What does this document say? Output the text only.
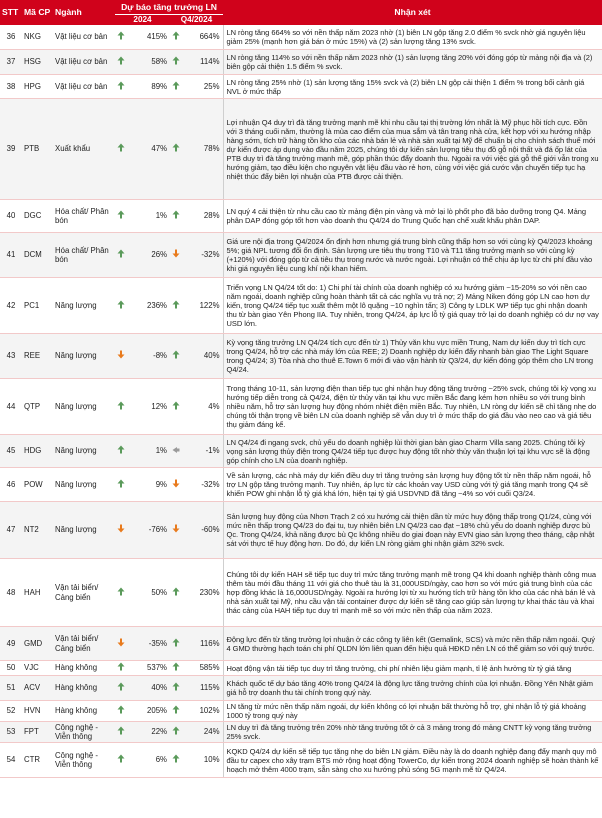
STT	Mã CP	Ngành	Dự báo tăng trưởng LN				Nhận xét
			2024		Q4/2024		
36	NKG	Vật liệu cơ bản		415%		664%	LN ròng tăng 664% so với nền thấp năm 2023 nhờ (1) biên LN gộp tăng 2.0 điểm % svck nhờ giá nguyên liệu giảm 25% (mạnh hơn giá bán ở mức 15%) và (2) sản lượng tăng 13% svck.
37	HSG	Vật liệu cơ bản		58%		114%	LN ròng tăng 114% so với nền thấp năm 2023 nhờ (1) sản lượng tăng 20% với đóng góp từ mảng nội địa và (2) biên gộp cải thiện 1.5 điểm % svck.
38	HPG	Vật liệu cơ bản		89%		25%	LN ròng tăng 25% nhờ (1) sản lượng tăng 15% svck và (2) biên LN gộp cải thiện 1 điểm % trong bối cảnh giá NVL ở mức thấp
39	PTB	Xuất khẩu		47%		78%	Lợi nhuận Q4 duy trì đà tăng trưởng mạnh mẽ khi nhu cầu tại thị trường lớn nhất là Mỹ phục hồi tích cực. Đồn với 3 tháng cuối năm, thường là mùa cao điểm của mua sắm và tân trang nhà cửa, kết hợp với xu hướng nhập hàng sớm, tích trữ hàng tồn kho của các nhà bán lẻ và nhà sản xuất tại Mỹ để chuẩn bị cho chính sách thuế mới dự kiến được áp dụng vào đầu năm 2025, chúng tôi dự kiến sản lượng tiêu thụ đồ gỗ nội thất và đá ốp lát của PTB duy trì đà tăng trưởng mạnh mẽ, góp phần thúc đẩy doanh thu. Ngoài ra với việc giá gỗ thế giới vẫn trong xu hướng giảm, tạo điều kiện cho nguyên vật liệu đầu vào rẻ hơn, cùng với việc giá cước vận chuyển tiếp tục hạ nhiệt thúc đẩy biên lợi nhuận của PTB được cải thiện.
40	DGC	Hóa chất/ Phân bón		1%		28%	LN quý 4 cải thiện từ nhu cầu cao từ mảng điện pin vàng và mở lại lò phốt pho đã bảo dưỡng trong Q4. Mảng phân DAP đóng góp tốt hơn vào doanh thu Q4/24 do Trung Quốc hạn chế xuất khẩu phân DAP.
41	DCM	Hóa chất/ Phân bón		26%		-32%	Giá ure nội địa trong Q4/2024 ổn định hơn nhưng giá trung bình cũng thấp hơn so với cùng kỳ Q4/2023 khoảng 5%; giá NPL tương đối ổn định. Sản lượng ure tiêu thụ trong T10 và T11 tăng trưởng mạnh so với cùng kỳ (+120%) với đóng góp từ cả tiêu thụ trong nước và nước ngoài. Lợi nhuận có thể chịu áp lực từ chi phí đầu vào khi giá nguyên liệu cung khí nội khan hiếm.
42	PC1	Năng lượng		236%		122%	Triển vọng LN Q4/24 tốt do: 1) Chi phí tài chính của doanh nghiệp có xu hướng giảm ~15-20% so với nền cao năm ngoái, doanh nghiệp cũng hoàn thành tất cả các nghĩa vụ trả nợ; 2) Mảng Niken đóng góp LN cao hơn dự kiến, trong Q4/24 tiếp tục xuất thêm một lô quặng ~10 nghìn tấn; 3) Công ty LDLK WP tiếp tục ghi nhận doanh thu từ bàn giao Yên Phong IIA. Tuy nhiên, trong Q4/24, áp lực lỗ tỷ giá quay trở lại do doanh nghiệp có dư nợ vay USD lớn.
43	REE	Năng lượng		-8%		40%	Kỳ vọng tăng trưởng LN Q4/24 tích cực đến từ 1) Thủy văn khu vực miền Trung, Nam dự kiến duy trì tích cực trong Q4/24, hỗ trợ các nhà máy lớn của REE; 2) Doanh nghiệp dự kiến đẩy nhanh bàn giao The Light Square trong Q4/24; 3) Tòa nhà cho thuê E.Town 6 mới đi vào vận hành từ Q3/24, dự kiến đóng góp thêm cho LN trong Q4/24.
44	QTP	Năng lượng		12%		4%	Trong tháng 10-11, sản lượng điện than tiếp tục ghi nhận huy động tăng trưởng ~25% svck, chúng tôi kỳ vọng xu hướng tiếp diễn trong cả Q4/24, điện từ thủy văn tại khu vực miền Bắc đang kém hơn nhiều so với trung bình nhiều năm, hỗ trợ sản lượng huy động nhóm nhiệt điện miền Bắc. Tuy nhiên, LN ròng dự kiến sẽ chỉ tăng nhẹ do chúng tôi thận trọng về biên LN của doanh nghiệp sẽ vẫn duy trì ở mức thấp do giá đầu vào neo cao và giá tiêu thụ giảm đáng kể.
45	HDG	Năng lượng		1%		-1%	LN Q4/24 đi ngang svck, chủ yếu do doanh nghiệp lùi thời gian bàn giao Charm Villa sang 2025. Chúng tôi kỳ vọng sản lượng thủy điện trong Q4/24 tiếp tục được huy động tốt nhờ thủy văn thuận lợi tại khu vực sẽ là động góp chính cho LN của doanh nghiệp.
46	POW	Năng lượng		9%		-32%	Về sản lượng, các nhà máy dự kiến điều duy trì tăng trưởng sản lượng huy động tốt từ nền thấp năm ngoái, hỗ trợ LN gộp tăng trưởng mạnh. Tuy nhiên, áp lực từ các khoản vay USD cùng với tỷ giá tăng mạnh trong Q4 sẽ khiến POW ghi nhận lỗ tỷ giá khá lớn, hiện tại tỷ giá USDVND đã tăng ~4% so với cuối Q3/24.
47	NT2	Năng lượng		-76%		-60%	Sản lượng huy động của Nhơn Trạch 2 có xu hướng cải thiện dần từ mức huy động thấp trong Q1/24, cùng với mức nền thấp trong Q4/23 do đại tu, tuy nhiên biên LN Q4/23 cao đạt ~18% chủ yếu do doanh nghiệp được bù Qc. Trong Q4/24, khả năng được bù Qc không nhiều do giai đoạn này EVN giao sản lượng theo tháng, cập nhật sát với thực tế huy động hơn. Do đó, dự kiến LN ròng giảm ghi nhận giảm 32% svck.
48	HAH	Vận tải biển/ Cảng biển		50%		230%	Chúng tôi dự kiến HAH sẽ tiếp tục duy trì mức tăng trưởng mạnh mẽ trong Q4 khi doanh nghiệp thành công mua thêm tàu mới đầu tháng 11 với giá cho thuê tàu là 31,000USD/ngày, cao hơn so với mức giá trung bình của các hợp đồng khác là 16,000USD/ngày. Ngoài ra hướng lợi từ xu hướng tích trữ hàng tồn kho của các nhà bán lẻ và nhà sản xuất tại Mỹ, nhu cầu vận tải container được dự kiến sẽ tăng cao giúp sản lượng tự khai thác tàu và khai thác cảng của HAH tiếp tục duy trì mạnh mẽ so với mức nền thấp của năm 2023.
49	GMD	Vận tải biển/ Cảng biển		-35%		116%	Động lực đến từ tăng trưởng lợi nhuận ở các công ty liên kết (Gemalink, SCS) và mức nền thấp năm ngoái. Quý 4 GMD thường hạch toán chi phí QLDN lớn liên quan đến hiệu quả HĐKD nên LN có thể giảm so với quý trước.
50	VJC	Hàng không		537%		585%	Hoạt động vận tải tiếp tục duy trì tăng trưởng, chi phí nhiên liệu giảm mạnh, tỉ lệ ảnh hưởng từ tỷ giá tăng
51	ACV	Hàng không		40%		115%	Khách quốc tế dự báo tăng 40% trong Q4/24 là động lực tăng trưởng chính của lợi nhuận. Đồng Yên Nhật giảm giá hỗ trợ doanh thu tài chính trong quý này.
52	HVN	Hàng không		205%		102%	LN tăng từ mức nền thấp năm ngoái, dự kiến không có lợi nhuận bất thường hỗ trợ, ghi nhận lỗ tỷ giá khoảng 1000 tỷ trong quý này
53	FPT	Công nghệ - Viễn thông		22%		24%	LN duy trì đà tăng trưởng trên 20% nhờ tăng trưởng tốt ở cả 3 mảng trong đó mảng CNTT kỳ vọng tăng trưởng 25% svck.
54	CTR	Công nghệ - Viễn thông		6%		10%	KQKD Q4/24 dự kiến sẽ tiếp tục tăng nhẹ do biên LN giảm. Điều này là do doanh nghiệp đang đẩy mạnh quy mô đầu tư capex cho xây trạm BTS mở rộng hoạt động TowerCo, dự kiến trong 2024 doanh nghiệp sẽ hoàn thành kế hoạch mở thêm 4000 trạm, sẵn sàng cho xu hướng phủ sóng 5G mạnh mẽ từ Q4/24.
